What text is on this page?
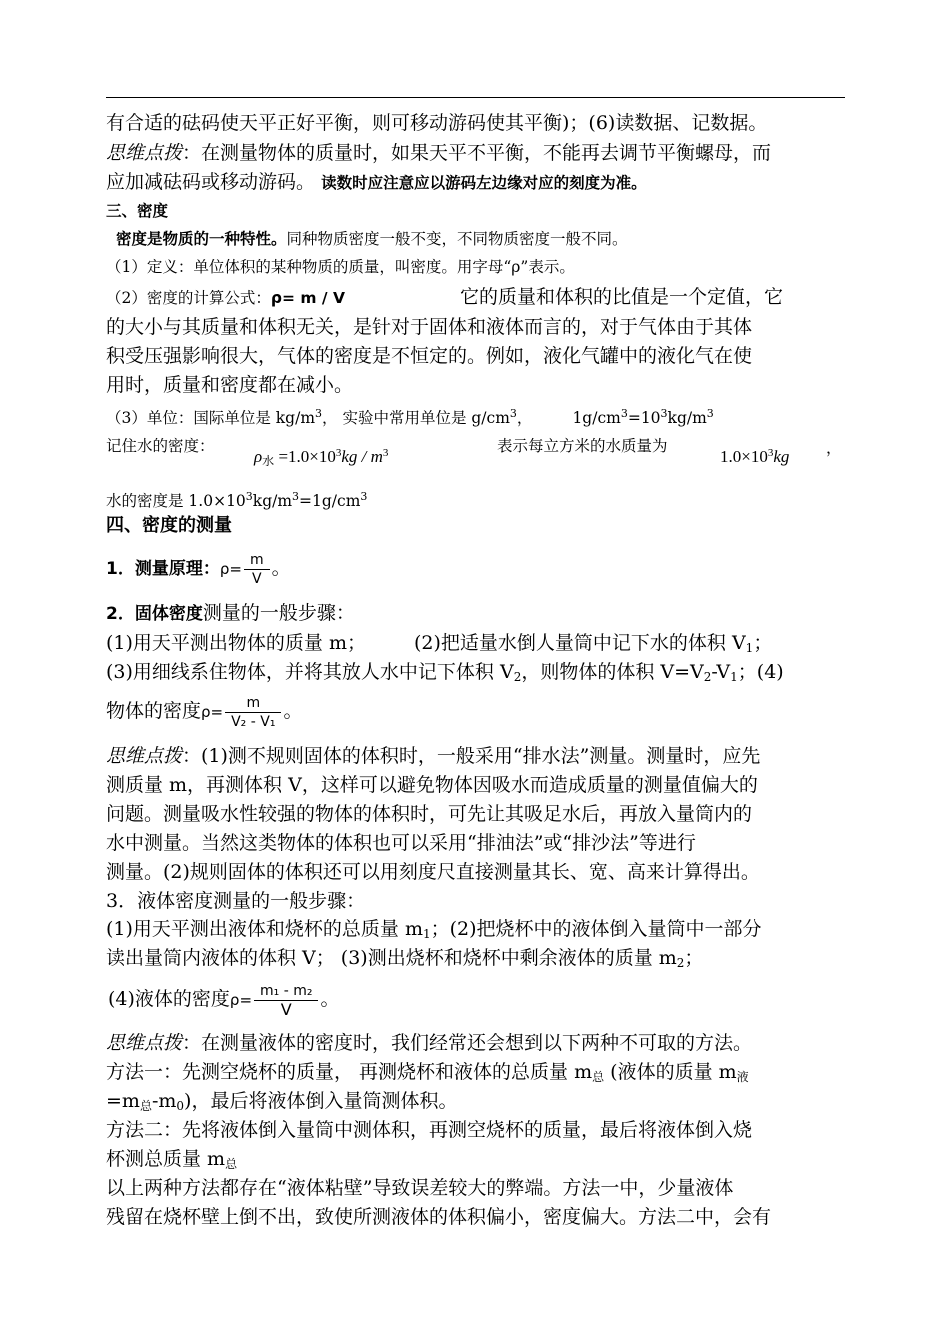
有合适的砝码使天平正好平衡，则可移动游码使其平衡)；(6)读数据、记数据。
思维点拨：在测量物体的质量时，如果天平不平衡，不能再去调节平衡螺母，而
应加减砝码或移动游码。 读数时应注意应以游码左边缘对应的刻度为准。
三、密度
密度是物质的一种特性。同种物质密度一般不变，不同物质密度一般不同。
（1）定义：单位体积的某种物质的质量，叫密度。用字母“ρ”表示。
（2）密度的计算公式：ρ= m / V	它的质量和体积的比值是一个定值，它
的大小与其质量和体积无关，是针对于固体和液体而言的，对于气体由于其体
积受压强影响很大，气体的密度是不恒定的。例如，液化气罐中的液化气在使
用时，质量和密度都在减小。
（3）单位：国际单位是 $kg/m^3$， 实验中常用单位是 $g/cm^3$，	$1g/cm^3=10^3kg/m^3$
记住水的密度：
$\rho_水 =1.0\times 10^3kg / m^3$	表示每立方米的水质量为
$1.0\times 10^3kg$ ，
水的密度是 $1.0\times 10^3kg/m^3=1g/cm^3$
四、密度的测量
1．测量原理：$\rho= \frac{m}{V}$ 。
2．固体密度测量的一般步骤：
(1)用天平测出物体的质量 m；	(2)把适量水倒人量筒中记下水的体积 $V_1$；
(3)用细线系住物体，并将其放人水中记下体积 $V_2$，则物体的体积 $V=V_2-V_1$；(4)
物体的密度$\rho= \frac{m}{\text{V₂ - V₁}}$ 。
思维点拨：(1)测不规则固体的体积时，一般采用“排水法”测量。测量时，应先
测质量 m，再测体积 V，这样可以避免物体因吸水而造成质量的测量值偏大的
问题。测量吸水性较强的物体的体积时，可先让其吸足水后，再放入量筒内的
水中测量。当然这类物体的体积也可以采用“排油法”或“排沙法”等进行
测量。(2)规则固体的体积还可以用刻度尺直接测量其长、宽、高来计算得出。
3．液体密度测量的一般步骤：
(1)用天平测出液体和烧杯的总质量 $m_1$；(2)把烧杯中的液体倒入量筒中一部分
读出量筒内液体的体积 V； (3)测出烧杯和烧杯中剩余液体的质量 $m_2$；
(4)液体的密度$\rho= \frac{\text{m₁ - m₂}}{V}$ 。
思维点拨：在测量液体的密度时，我们经常还会想到以下两种不可取的方法。
方法一：先测空烧杯的质量， 再测烧杯和液体的总质量 $m_总$ (液体的质量 $m_液$
$=m_总-m_0$)，最后将液体倒入量筒测体积。
方法二：先将液体倒入量筒中测体积，再测空烧杯的质量，最后将液体倒入烧
杯测总质量 $m_总$
以上两种方法都存在“液体粘壁”导致误差较大的弊端。方法一中，少量液体
残留在烧杯壁上倒不出，致使所测液体的体积偏小，密度偏大。方法二中，会有
